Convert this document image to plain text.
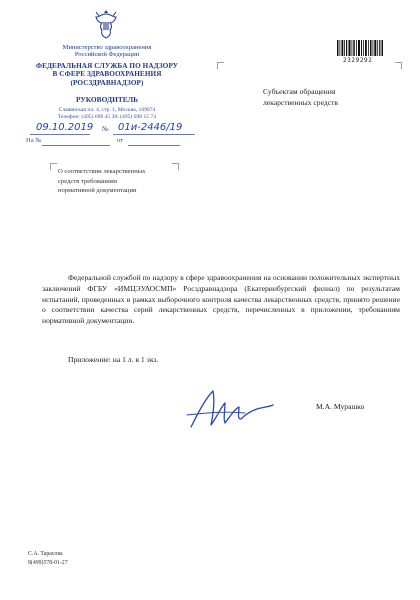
Министерство здравоохранения
Российской Федерации
ФЕДЕРАЛЬНАЯ СЛУЖБА ПО НАДЗОРУ
В СФЕРЕ ЗДРАВООХРАНЕНИЯ
(РОСЗДРАВНАДЗОР)
РУКОВОДИТЕЛЬ
Славянская пл. 4, стр. 1, Москва, 109074
Телефон: (495) 698 45 38; (495) 698 15 74
09.10.2019 № 01и-2446/19
На №	от
О соответствии лекарственных
средств требованиям
нормативной документации
2329292
Субъектам обращения
лекарственных средств
Федеральной службой по надзору в сфере здравоохранения на основании положительных экспертных заключений ФГБУ «ИМЦЭУАОСМП» Росздравнадзора (Екатеринбургский филиал) по результатам испытаний, проведенных в рамках выборочного контроля качества лекарственных средств, принято решение о соответствии качества серий лекарственных средств, перечисленных в приложении, требованиям нормативной документации.
Приложение: на 1 л. в 1 экз.
М.А. Мурашко
С.А. Тарасова
8(499)578-01-27
